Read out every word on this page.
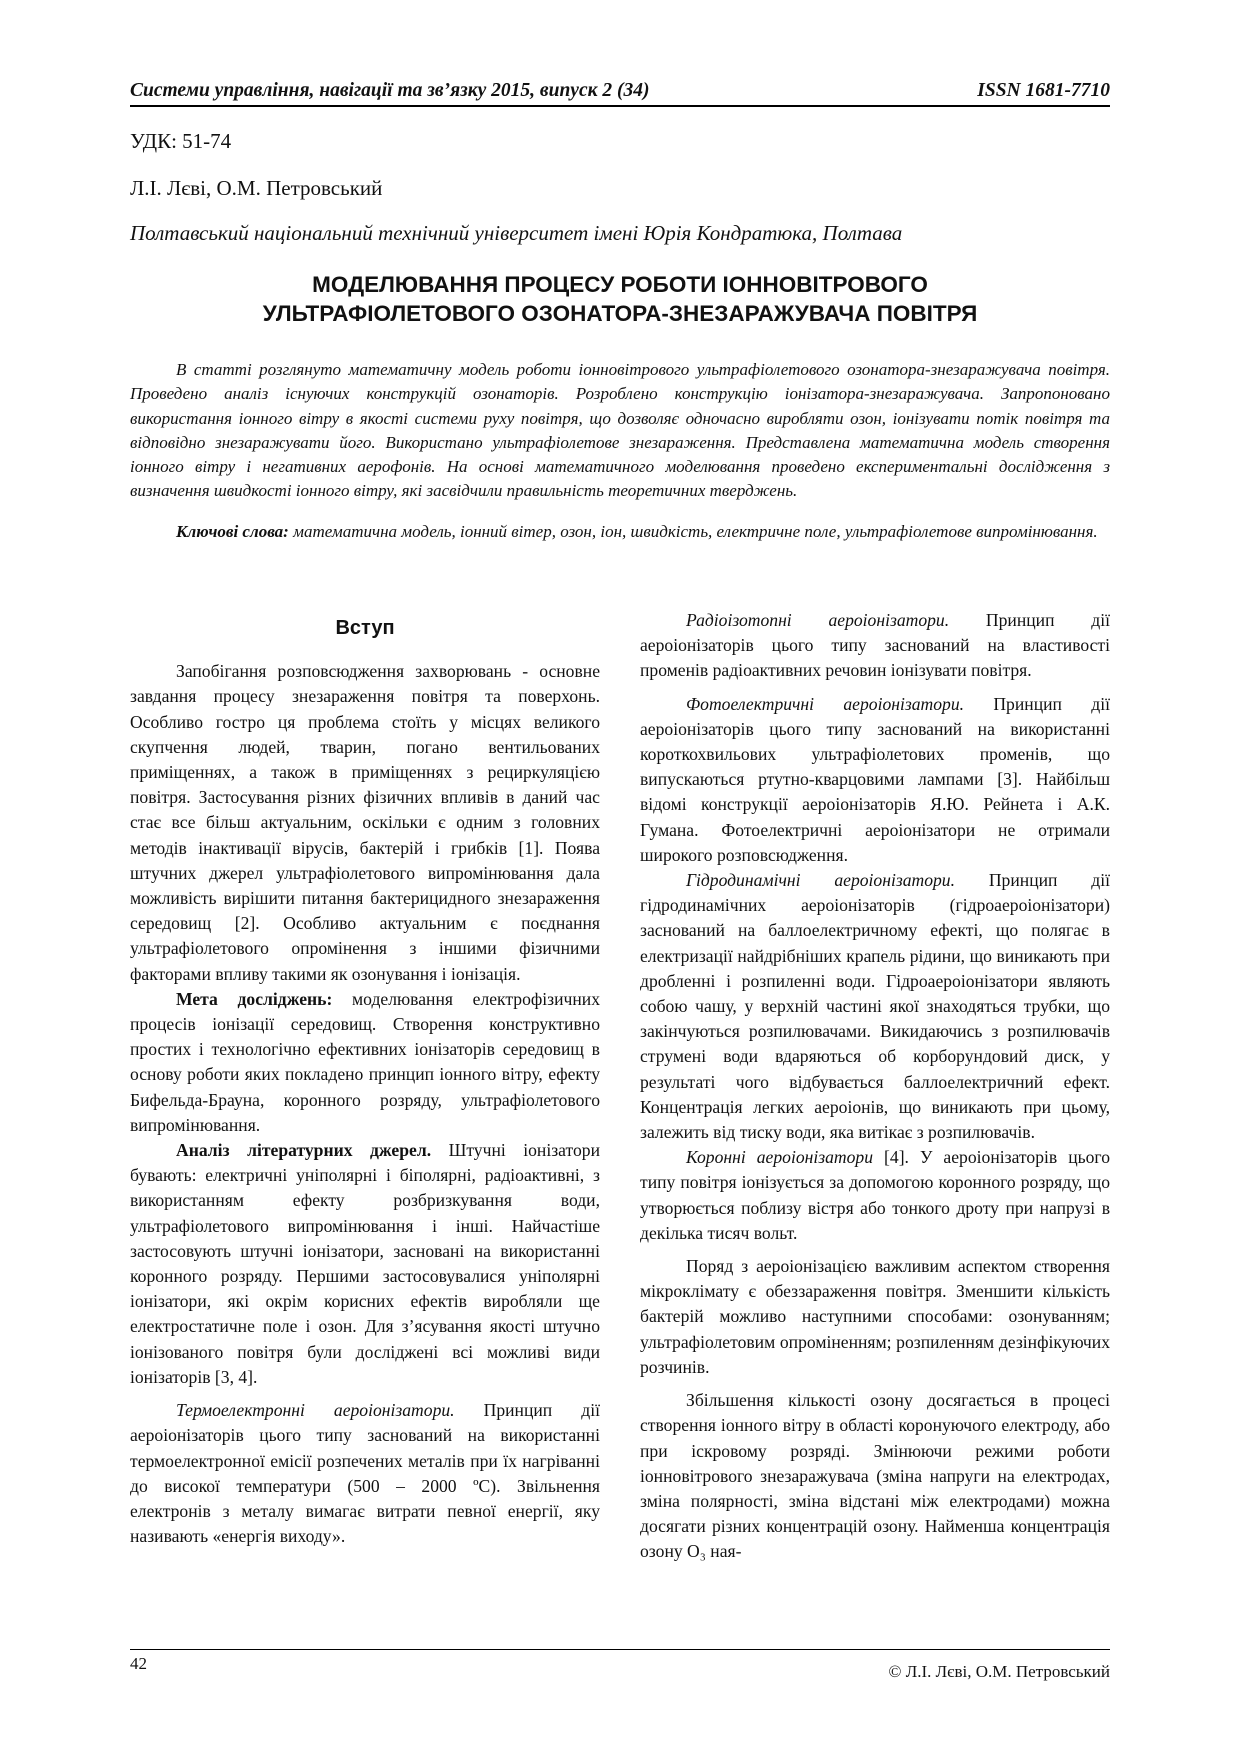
Системи управління, навігації та зв’язку 2015, випуск 2 (34)	ISSN 1681-7710
УДК: 51-74
Л.І. Лєві, О.М. Петровський
Полтавський національний технічний університет імені Юрія Кондратюка, Полтава
МОДЕЛЮВАННЯ ПРОЦЕСУ РОБОТИ ІОННОВІТРОВОГО
УЛЬТРАФІОЛЕТОВОГО ОЗОНАТОРА-ЗНЕЗАРАЖУВАЧА ПОВІТРЯ
В статті розглянуто математичну модель роботи іонновітрового ультрафіолетового озонатора-знезаражувача повітря. Проведено аналіз існуючих конструкцій озонаторів. Розроблено конструкцію іонізатора-знезаражувача. Запропоновано використання іонного вітру в якості системи руху повітря, що дозволяє одночасно виробляти озон, іонізувати потік повітря та відповідно знезаражувати його. Використано ультрафіолетове знезараження. Представлена математична модель створення іонного вітру і негативних аерофонів. На основі математичного моделювання проведено експериментальні дослідження з визначення швидкості іонного вітру, які засвідчили правильність теоретичних тверджень.
Ключові слова: математична модель, іонний вітер, озон, іон, швидкість, електричне поле, ультрафіолетове випромінювання.
Вступ

Запобігання розповсюдження захворювань - основне завдання процесу знезараження повітря та поверхонь. Особливо гостро ця проблема стоїть у місцях великого скупчення людей, тварин, погано вентильованих приміщеннях, а також в приміщеннях з рециркуляцією повітря. Застосування різних фізичних впливів в даний час стає все більш актуальним, оскільки є одним з головних методів інактивації вірусів, бактерій і грибків [1]. Поява штучних джерел ультрафіолетового випромінювання дала можливість вирішити питання бактерицидного знезараження середовищ [2]. Особливо актуальним є поєднання ультрафіолетового опромінення з іншими фізичними факторами впливу такими як озонування і іонізація.

Мета досліджень: моделювання електрофізичних процесів іонізації середовищ. Створення конструктивно простих і технологічно ефективних іонізаторів середовищ в основу роботи яких покладено принцип іонного вітру, ефекту Бифельда-Брауна, коронного розряду, ультрафіолетового випромінювання.

Аналіз літературних джерел. Штучні іонізатори бувають: електричні уніполярні і біполярні, радіоактивні, з використанням ефекту розбризкування води, ультрафіолетового випромінювання і інші. Найчастіше застосовують штучні іонізатори, засновані на використанні коронного розряду. Першими застосовувалися уніполярні іонізатори, які окрім корисних ефектів виробляли ще електростатичне поле і озон. Для з’ясування якості штучно іонізованого повітря були досліджені всі можливі види іонізаторів [3, 4].

Термоелектронні аероіонізатори. Принцип дії аероіонізаторів цього типу заснований на використанні термоелектронної емісії розпечених металів при їх нагріванні до високої температури (500 – 2000 ºС). Звільнення електронів з металу вимагає витрати певної енергії, яку називають «енергія виходу».

Радіоізотопні аероіонізатори. Принцип дії аероіонізаторів цього типу заснований на властивості променів радіоактивних речовин іонізувати повітря.

Фотоелектричні аероіонізатори. Принцип дії аероіонізаторів цього типу заснований на використанні короткохвильових ультрафіолетових променів, що випускаються ртутно-кварцовими лампами [3]. Найбільш відомі конструкції аероіонізаторів Я.Ю. Рейнета і А.К. Гумана. Фотоелектричні аероіонізатори не отримали широкого розповсюдження.

Гідродинамічні аероіонізатори. Принцип дії гідродинамічних аероіонізаторів (гідроаероіонізатори) заснований на баллоелектричному ефекті, що полягає в електризації найдрібніших крапель рідини, що виникають при дробленні і розпиленні води. Гідроаероіонізатори являють собою чашу, у верхній частині якої знаходяться трубки, що закінчуються розпилювачами. Викидаючись з розпилювачів струмені води вдаряються об корборундовий диск, у результаті чого відбувається баллоелектричний ефект. Концентрація легких аероіонів, що виникають при цьому, залежить від тиску води, яка витікає з розпилювачів.

Коронні аероіонізатори [4]. У аероіонізаторів цього типу повітря іонізується за допомогою коронного розряду, що утворюється поблизу вістря або тонкого дроту при напрузі в декілька тисяч вольт.

Поряд з аероіонізацією важливим аспектом створення мікроклімату є обеззараження повітря. Зменшити кількість бактерій можливо наступними способами: озонуванням; ультрафіолетовим опроміненням; розпиленням дезінфікуючих розчинів.

Збільшення кількості озону досягається в процесі створення іонного вітру в області коронуючого електроду, або при іскровому розряді. Змінюючи режими роботи іонновітрового знезаражувача (зміна напруги на електродах, зміна полярності, зміна відстані між електродами) можна досягати різних концентрацій озону. Найменша концентрація озону O₃ ная-

42	© Л.І. Лєві, О.М. Петровський
